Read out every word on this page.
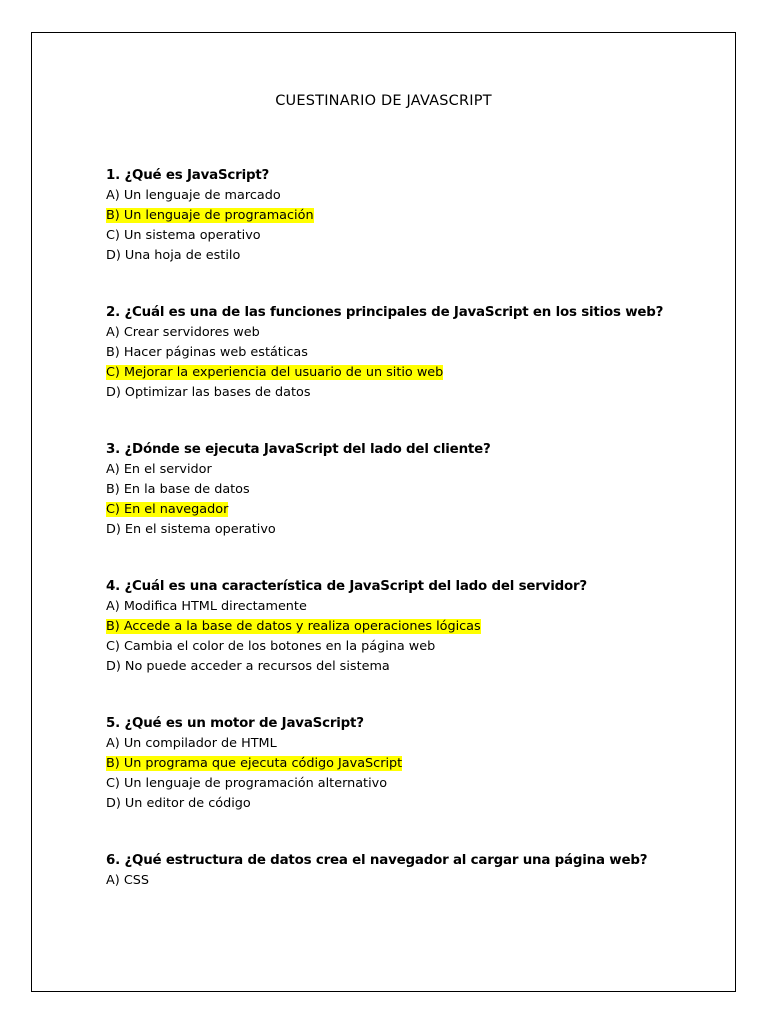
CUESTINARIO DE JAVASCRIPT
1. ¿Qué es JavaScript?
A) Un lenguaje de marcado
B) Un lenguaje de programación
C) Un sistema operativo
D) Una hoja de estilo
2. ¿Cuál es una de las funciones principales de JavaScript en los sitios web?
A) Crear servidores web
B) Hacer páginas web estáticas
C) Mejorar la experiencia del usuario de un sitio web
D) Optimizar las bases de datos
3. ¿Dónde se ejecuta JavaScript del lado del cliente?
A) En el servidor
B) En la base de datos
C) En el navegador
D) En el sistema operativo
4. ¿Cuál es una característica de JavaScript del lado del servidor?
A) Modifica HTML directamente
B) Accede a la base de datos y realiza operaciones lógicas
C) Cambia el color de los botones en la página web
D) No puede acceder a recursos del sistema
5. ¿Qué es un motor de JavaScript?
A) Un compilador de HTML
B) Un programa que ejecuta código JavaScript
C) Un lenguaje de programación alternativo
D) Un editor de código
6. ¿Qué estructura de datos crea el navegador al cargar una página web?
A) CSS
